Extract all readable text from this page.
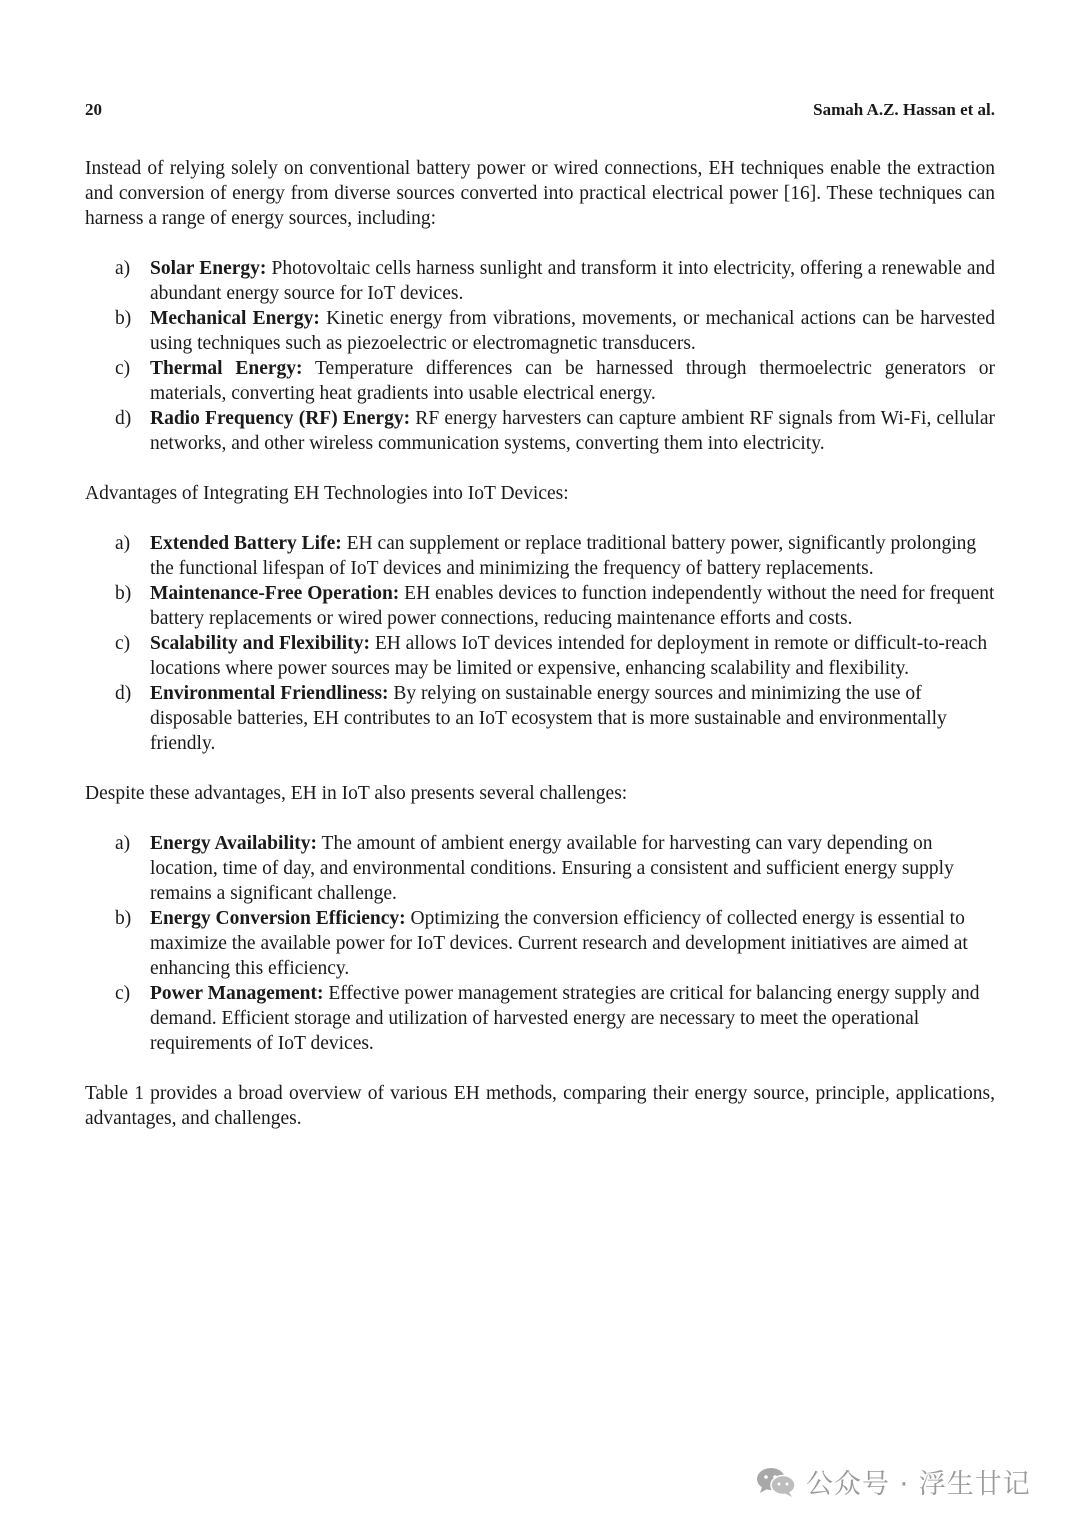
20	Samah A.Z. Hassan et al.

Instead of relying solely on conventional battery power or wired connections, EH techniques enable the extraction and conversion of energy from diverse sources converted into practical electrical power [16]. These techniques can harness a range of energy sources, including:

a) Solar Energy: Photovoltaic cells harness sunlight and transform it into electricity, offering a renewable and abundant energy source for IoT devices.
b) Mechanical Energy: Kinetic energy from vibrations, movements, or mechanical actions can be harvested using techniques such as piezoelectric or electromagnetic transducers.
c) Thermal Energy: Temperature differences can be harnessed through thermoelectric generators or materials, converting heat gradients into usable electrical energy.
d) Radio Frequency (RF) Energy: RF energy harvesters can capture ambient RF signals from Wi-Fi, cellular networks, and other wireless communication systems, converting them into electricity.

Advantages of Integrating EH Technologies into IoT Devices:

a) Extended Battery Life: EH can supplement or replace traditional battery power, significantly prolonging the functional lifespan of IoT devices and minimizing the frequency of battery replacements.
b) Maintenance-Free Operation: EH enables devices to function independently without the need for frequent battery replacements or wired power connections, reducing maintenance efforts and costs.
c) Scalability and Flexibility: EH allows IoT devices intended for deployment in remote or difficult-to-reach locations where power sources may be limited or expensive, enhancing scalability and flexibility.
d) Environmental Friendliness: By relying on sustainable energy sources and minimizing the use of disposable batteries, EH contributes to an IoT ecosystem that is more sustainable and environmentally friendly.

Despite these advantages, EH in IoT also presents several challenges:

a) Energy Availability: The amount of ambient energy available for harvesting can vary depending on location, time of day, and environmental conditions. Ensuring a consistent and sufficient energy supply remains a significant challenge.
b) Energy Conversion Efficiency: Optimizing the conversion efficiency of collected energy is essential to maximize the available power for IoT devices. Current research and development initiatives are aimed at enhancing this efficiency.
c) Power Management: Effective power management strategies are critical for balancing energy supply and demand. Efficient storage and utilization of harvested energy are necessary to meet the operational requirements of IoT devices.

Table 1 provides a broad overview of various EH methods, comparing their energy source, principle, applications, advantages, and challenges.

公众号 · 浮生廿记
